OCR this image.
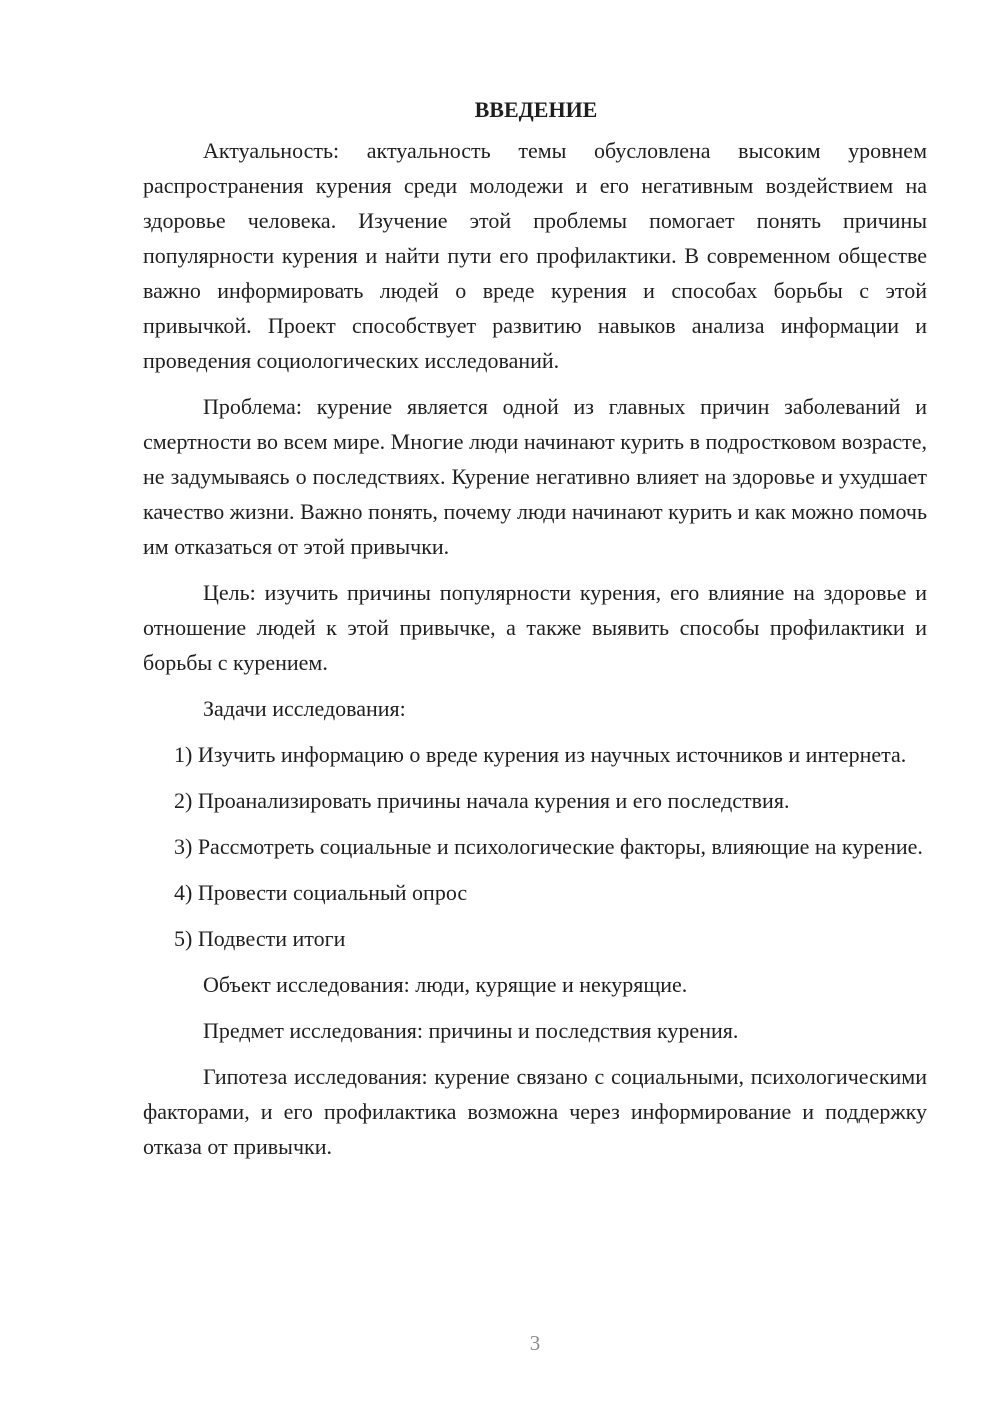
ВВЕДЕНИЕ

Актуальность: актуальность темы обусловлена высоким уровнем распространения курения среди молодежи и его негативным воздействием на здоровье человека. Изучение этой проблемы помогает понять причины популярности курения и найти пути его профилактики. В современном обществе важно информировать людей о вреде курения и способах борьбы с этой привычкой. Проект способствует развитию навыков анализа информации и проведения социологических исследований.

Проблема: курение является одной из главных причин заболеваний и смертности во всем мире. Многие люди начинают курить в подростковом возрасте, не задумываясь о последствиях. Курение негативно влияет на здоровье и ухудшает качество жизни. Важно понять, почему люди начинают курить и как можно помочь им отказаться от этой привычки.

Цель: изучить причины популярности курения, его влияние на здоровье и отношение людей к этой привычке, а также выявить способы профилактики и борьбы с курением.

Задачи исследования:

1) Изучить информацию о вреде курения из научных источников и интернета.

2) Проанализировать причины начала курения и его последствия.

3) Рассмотреть социальные и психологические факторы, влияющие на курение.

4) Провести социальный опрос

5) Подвести итоги

Объект исследования: люди, курящие и некурящие.

Предмет исследования: причины и последствия курения.

Гипотеза исследования: курение связано с социальными, психологическими факторами, и его профилактика возможна через информирование и поддержку отказа от привычки.

3
